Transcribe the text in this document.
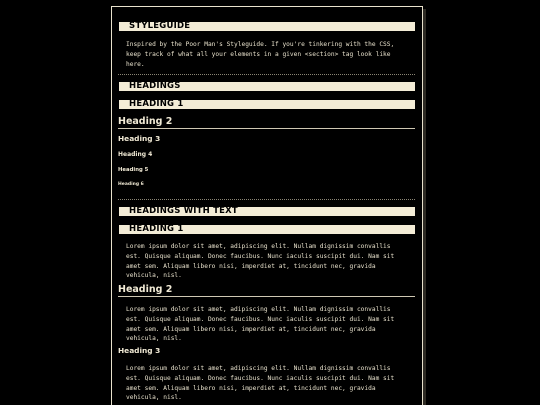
STYLEGUIDE
Inspired by the Poor Man's Styleguide. If you're tinkering with the CSS, keep track of what all your elements in a given <section> tag look like here.
HEADINGS
HEADING 1
Heading 2
Heading 3
Heading 4
Heading 5
Heading 6
HEADINGS WITH TEXT
HEADING 1
Lorem ipsum dolor sit amet, adipiscing elit. Nullam dignissim convallis est. Quisque aliquam. Donec faucibus. Nunc iaculis suscipit dui. Nam sit amet sem. Aliquam libero nisi, imperdiet at, tincidunt nec, gravida vehicula, nisl.
Heading 2
Lorem ipsum dolor sit amet, adipiscing elit. Nullam dignissim convallis est. Quisque aliquam. Donec faucibus. Nunc iaculis suscipit dui. Nam sit amet sem. Aliquam libero nisi, imperdiet at, tincidunt nec, gravida vehicula, nisl.
Heading 3
Lorem ipsum dolor sit amet, adipiscing elit. Nullam dignissim convallis est. Quisque aliquam. Donec faucibus. Nunc iaculis suscipit dui. Nam sit amet sem. Aliquam libero nisi, imperdiet at, tincidunt nec, gravida vehicula, nisl.
